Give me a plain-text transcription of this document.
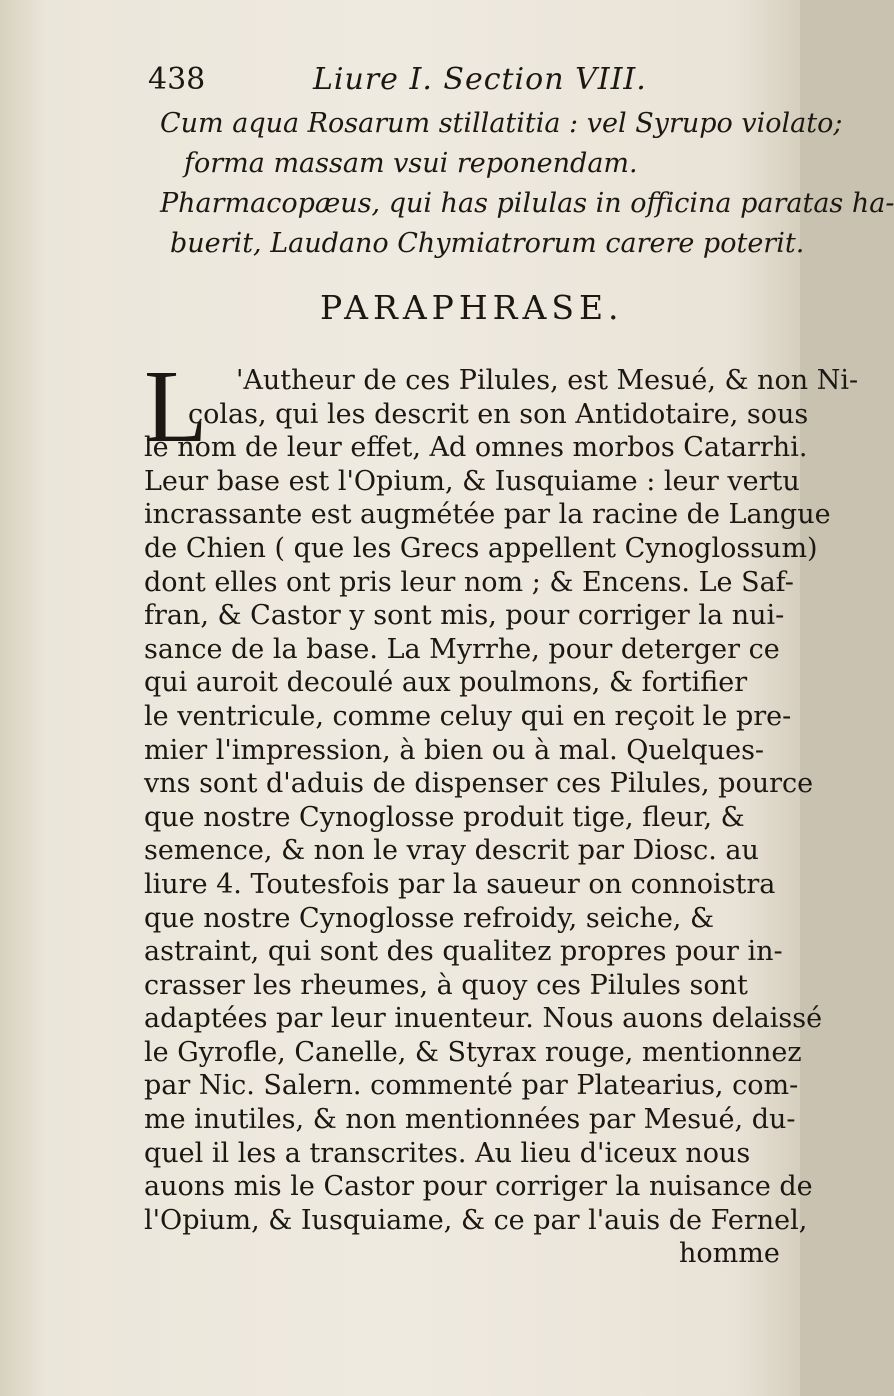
438	Liure I. Section VIII.

Cum aqua Rosarum stillatitia : vel Syrupo violato;

forma massam vsui reponendam.

Pharmacopæus, qui has pilulas in officina paratas ha-

buerit, Laudano Chymiatrorum carere poterit.

PARAPHRASE.
L	'Autheur de ces Pilules, est Mesué, & non Ni-
colas, qui les descrit en son Antidotaire, sous
le nom de leur effet, Ad omnes morbos Catarrhi.
Leur base est l'Opium, & Iusquiame : leur vertu
incrassante est augmétée par la racine de Langue
de Chien ( que les Grecs appellent Cynoglossum)
dont elles ont pris leur nom ; & Encens. Le Saf-
fran, & Castor y sont mis, pour corriger la nui-
sance de la base. La Myrrhe, pour deterger ce
qui auroit decoulé aux poulmons, & fortifier
le ventricule, comme celuy qui en reçoit le pre-
mier l'impression, à bien ou à mal. Quelques-
vns sont d'aduis de dispenser ces Pilules, pource
que nostre Cynoglosse produit tige, fleur, &
semence, & non le vray descrit par Diosc. au
liure 4. Toutesfois par la saueur on connoistra
que nostre Cynoglosse refroidy, seiche, &
astraint, qui sont des qualitez propres pour in-
crasser les rheumes, à quoy ces Pilules sont
adaptées par leur inuenteur. Nous auons delaissé
le Gyrofle, Canelle, & Styrax rouge, mentionnez
par Nic. Salern. commenté par Platearius, com-
me inutiles, & non mentionnées par Mesué, du-
quel il les a transcrites. Au lieu d'iceux nous
auons mis le Castor pour corriger la nuisance de
l'Opium, & Iusquiame, & ce par l'auis de Fernel,
homme
